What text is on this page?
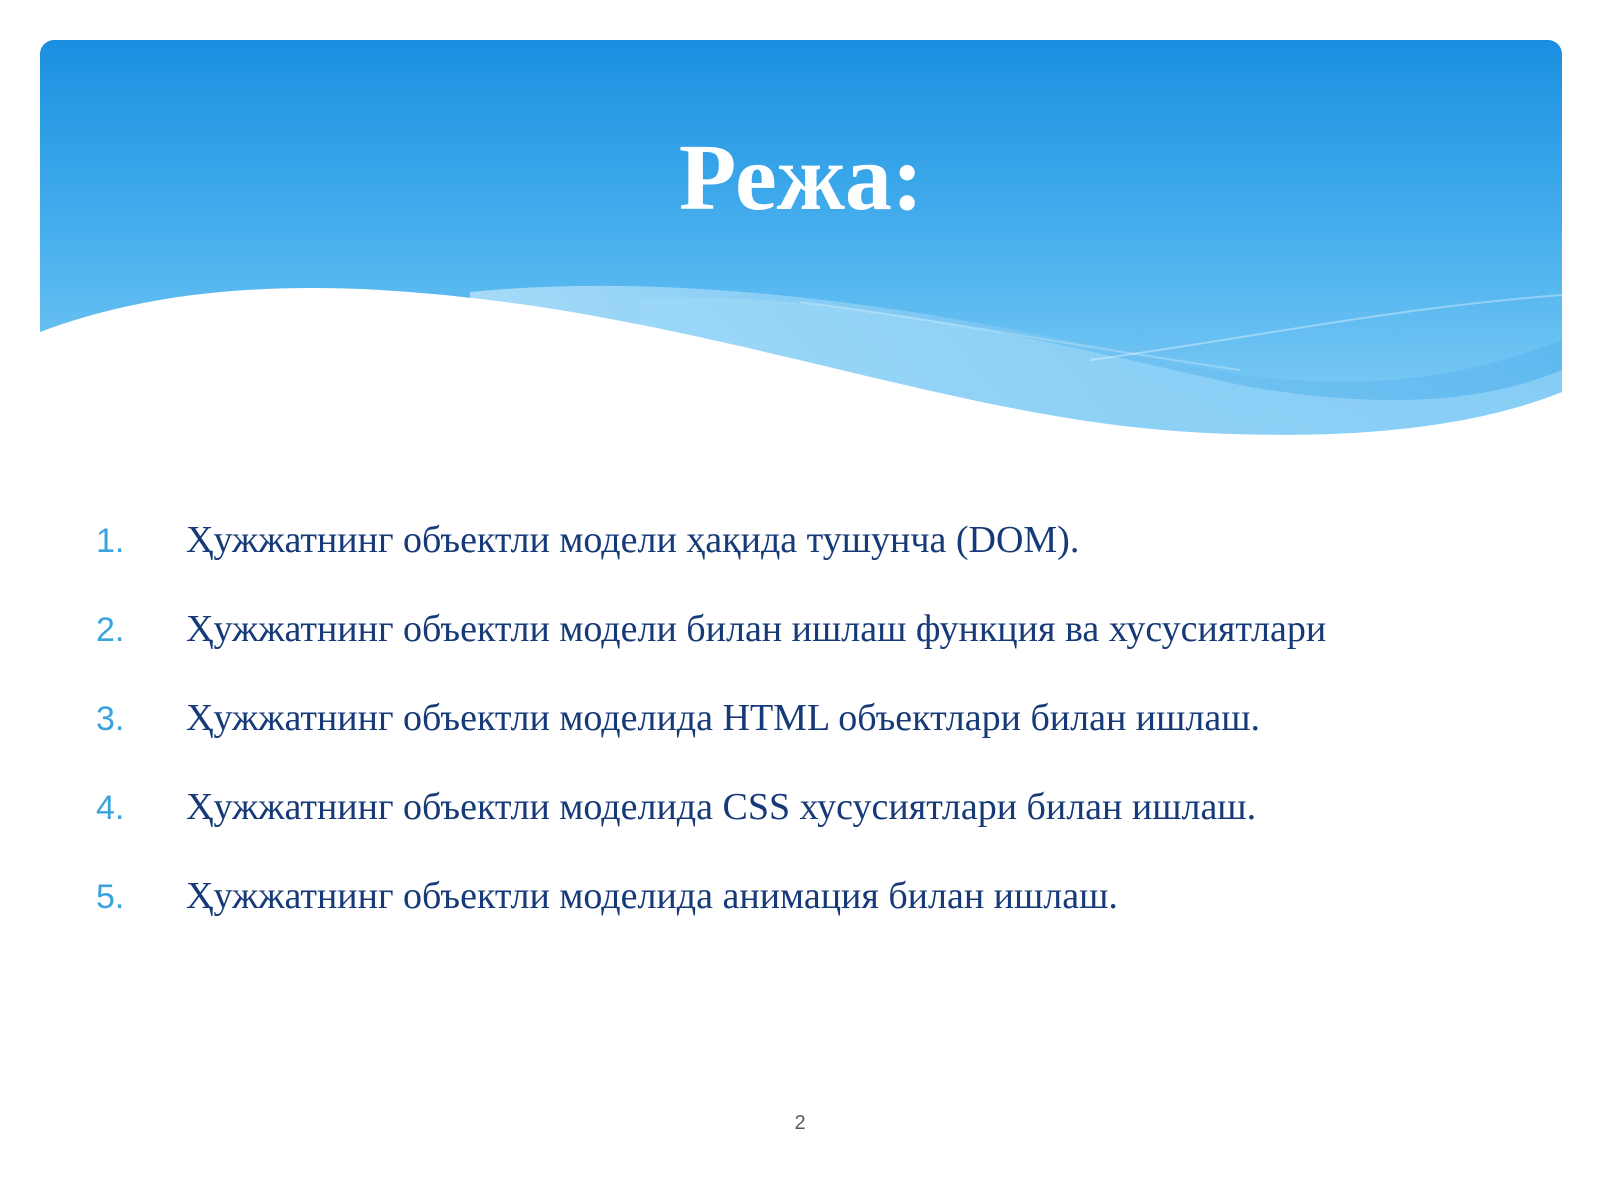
Режа:
1.	Ҳужжатнинг объектли модели ҳақида тушунча (DOM).
2.	Ҳужжатнинг объектли модели билан ишлаш функция ва хусусиятлари
3.	Ҳужжатнинг объектли моделида HTML объектлари билан ишлаш.
4.	Ҳужжатнинг объектли моделида CSS хусусиятлари билан ишлаш.
5.	Ҳужжатнинг объектли моделида анимация билан ишлаш.
2
